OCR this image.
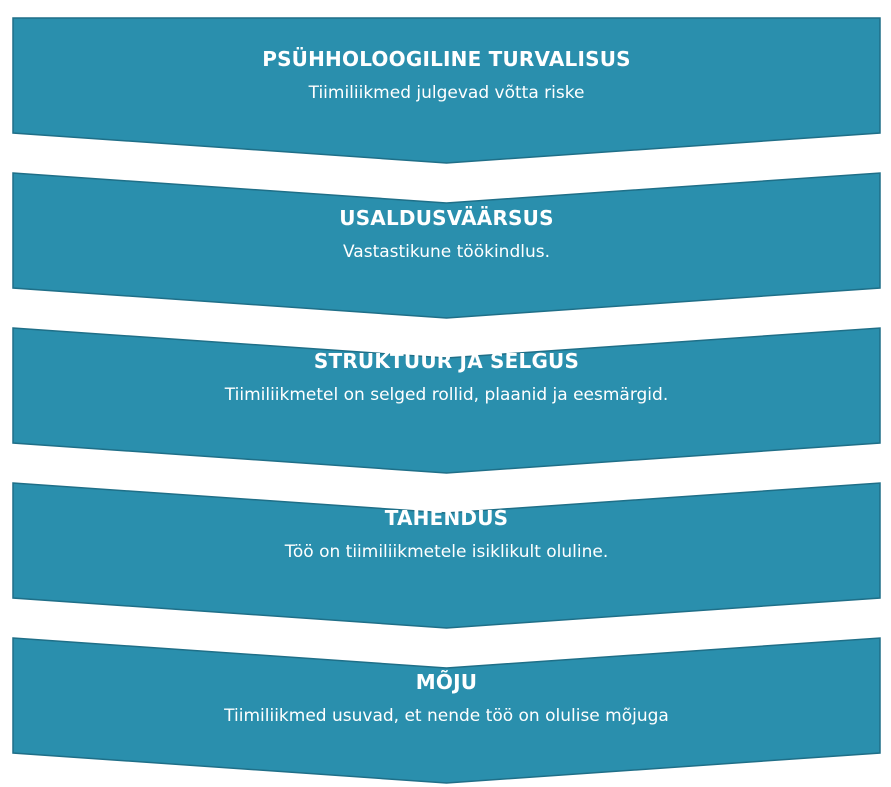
PSÜHHOLOOGILINE TURVALISUS
Tiimiliikmed julgevad võtta riske
USALDUSVÄÄRSUS
Vastastikune töökindlus.
STRUKTUUR JA SELGUS
Tiimiliikmetel on selged rollid, plaanid ja eesmärgid.
TÄHENDUS
Töö on tiimiliikmetele isiklikult oluline.
MÕJU
Tiimiliikmed usuvad, et nende töö on olulise mõjuga
